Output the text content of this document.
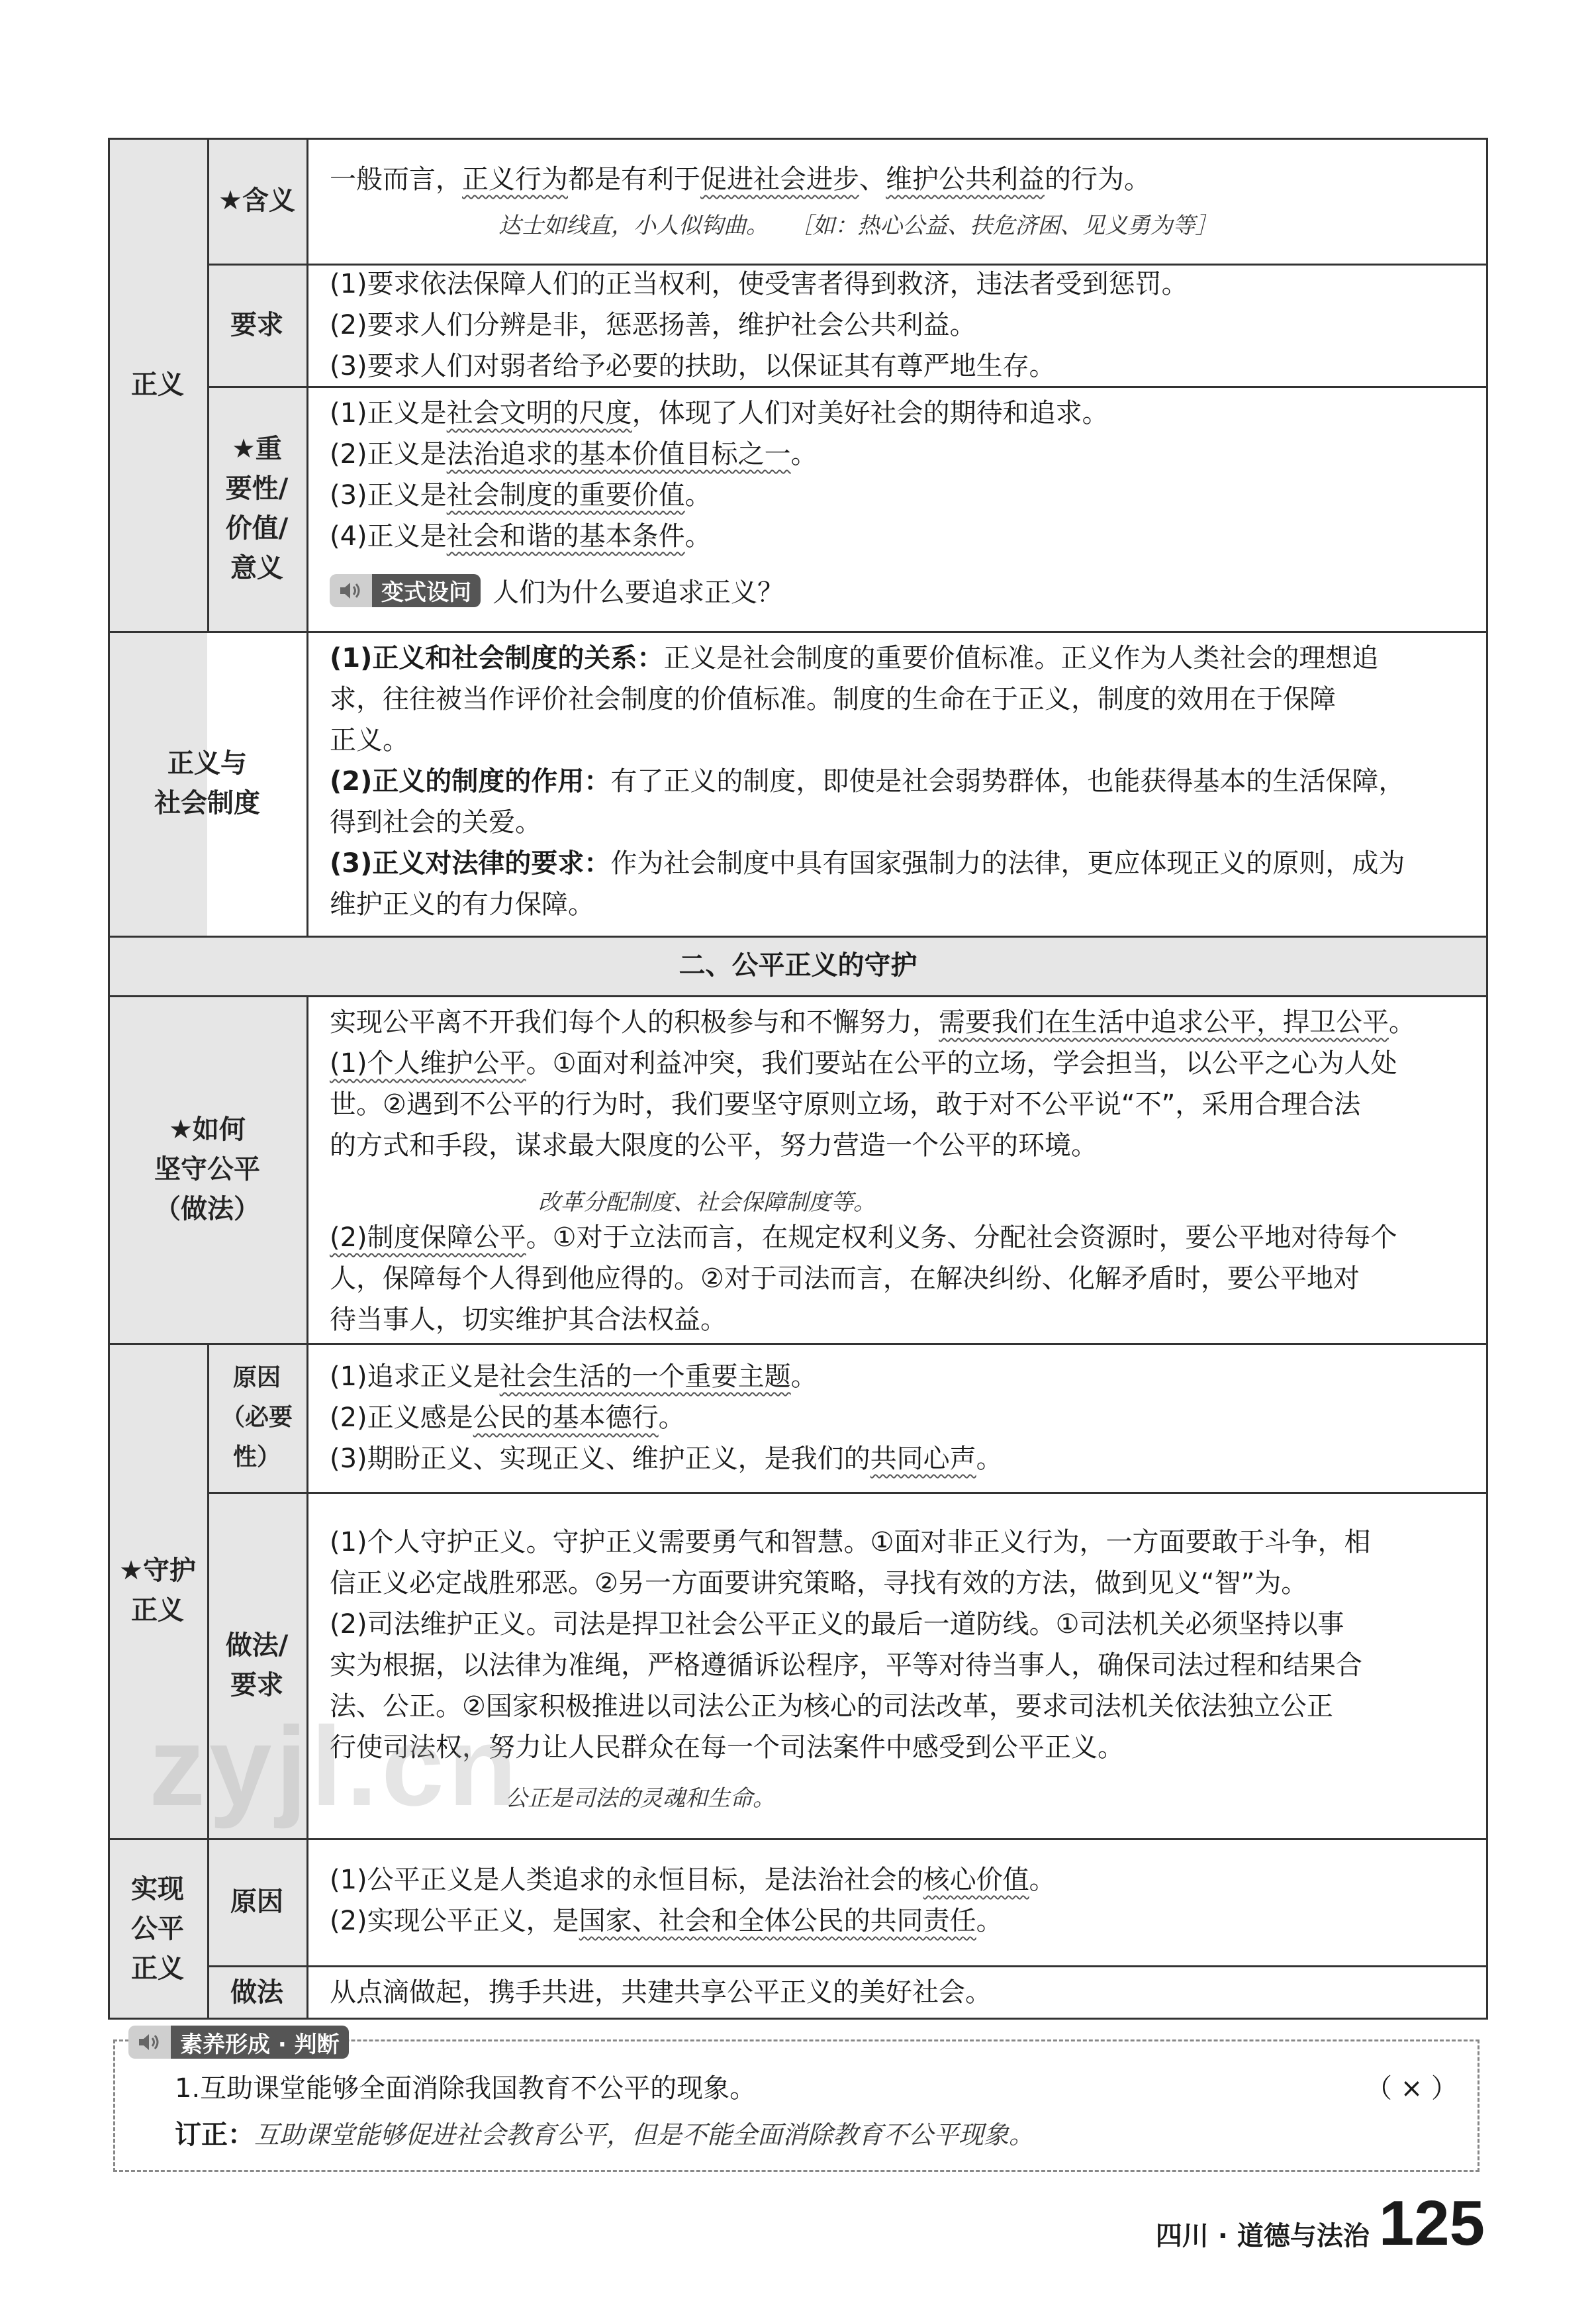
正义
★含义
一般而言，正义行为都是有利于促进社会进步、维护公共利益的行为。
达士如线直，小人似钩曲。 ［如：热心公益、扶危济困、见义勇为等］
要求
(1)要求依法保障人们的正当权利，使受害者得到救济，违法者受到惩罚。
(2)要求人们分辨是非，惩恶扬善，维护社会公共利益。
(3)要求人们对弱者给予必要的扶助，以保证其有尊严地生存。
★重
要性/
价值/
意义
(1)正义是社会文明的尺度，体现了人们对美好社会的期待和追求。
(2)正义是法治追求的基本价值目标之一。
(3)正义是社会制度的重要价值。
(4)正义是社会和谐的基本条件。
变式设问 人们为什么要追求正义？
正义与
社会制度
(1)正义和社会制度的关系：正义是社会制度的重要价值标准。正义作为人类社会的理想追
求，往往被当作评价社会制度的价值标准。制度的生命在于正义，制度的效用在于保障
正义。
(2)正义的制度的作用：有了正义的制度，即使是社会弱势群体，也能获得基本的生活保障，
得到社会的关爱。
(3)正义对法律的要求：作为社会制度中具有国家强制力的法律，更应体现正义的原则，成为
维护正义的有力保障。
二、公平正义的守护
★如何
坚守公平
（做法）
实现公平离不开我们每个人的积极参与和不懈努力，需要我们在生活中追求公平，捍卫公平。
(1)个人维护公平。①面对利益冲突，我们要站在公平的立场，学会担当，以公平之心为人处
世。②遇到不公平的行为时，我们要坚守原则立场，敢于对不公平说“不”，采用合理合法
的方式和手段，谋求最大限度的公平，努力营造一个公平的环境。
改革分配制度、社会保障制度等。
(2)制度保障公平。①对于立法而言，在规定权利义务、分配社会资源时，要公平地对待每个
人，保障每个人得到他应得的。②对于司法而言，在解决纠纷、化解矛盾时，要公平地对
待当事人，切实维护其合法权益。
★守护
正义
原因
（必要性）
(1)追求正义是社会生活的一个重要主题。
(2)正义感是公民的基本德行。
(3)期盼正义、实现正义、维护正义，是我们的共同心声。
做法/
要求
(1)个人守护正义。守护正义需要勇气和智慧。①面对非正义行为，一方面要敢于斗争，相
信正义必定战胜邪恶。②另一方面要讲究策略，寻找有效的方法，做到见义“智”为。
(2)司法维护正义。司法是捍卫社会公平正义的最后一道防线。①司法机关必须坚持以事
实为根据，以法律为准绳，严格遵循诉讼程序，平等对待当事人，确保司法过程和结果合
法、公正。②国家积极推进以司法公正为核心的司法改革，要求司法机关依法独立公正
行使司法权，努力让人民群众在每一个司法案件中感受到公平正义。
公正是司法的灵魂和生命。
实现
公平
正义
原因
(1)公平正义是人类追求的永恒目标，是法治社会的核心价值。
(2)实现公平正义，是国家、社会和全体公民的共同责任。
做法 从点滴做起，携手共进，共建共享公平正义的美好社会。
素养形成 · 判断
1.互助课堂能够全面消除我国教育不公平的现象。	（ × ）
订正：互助课堂能够促进社会教育公平，但是不能全面消除教育不公平现象。
zyjl.cn
四川 · 道德与法治 125
